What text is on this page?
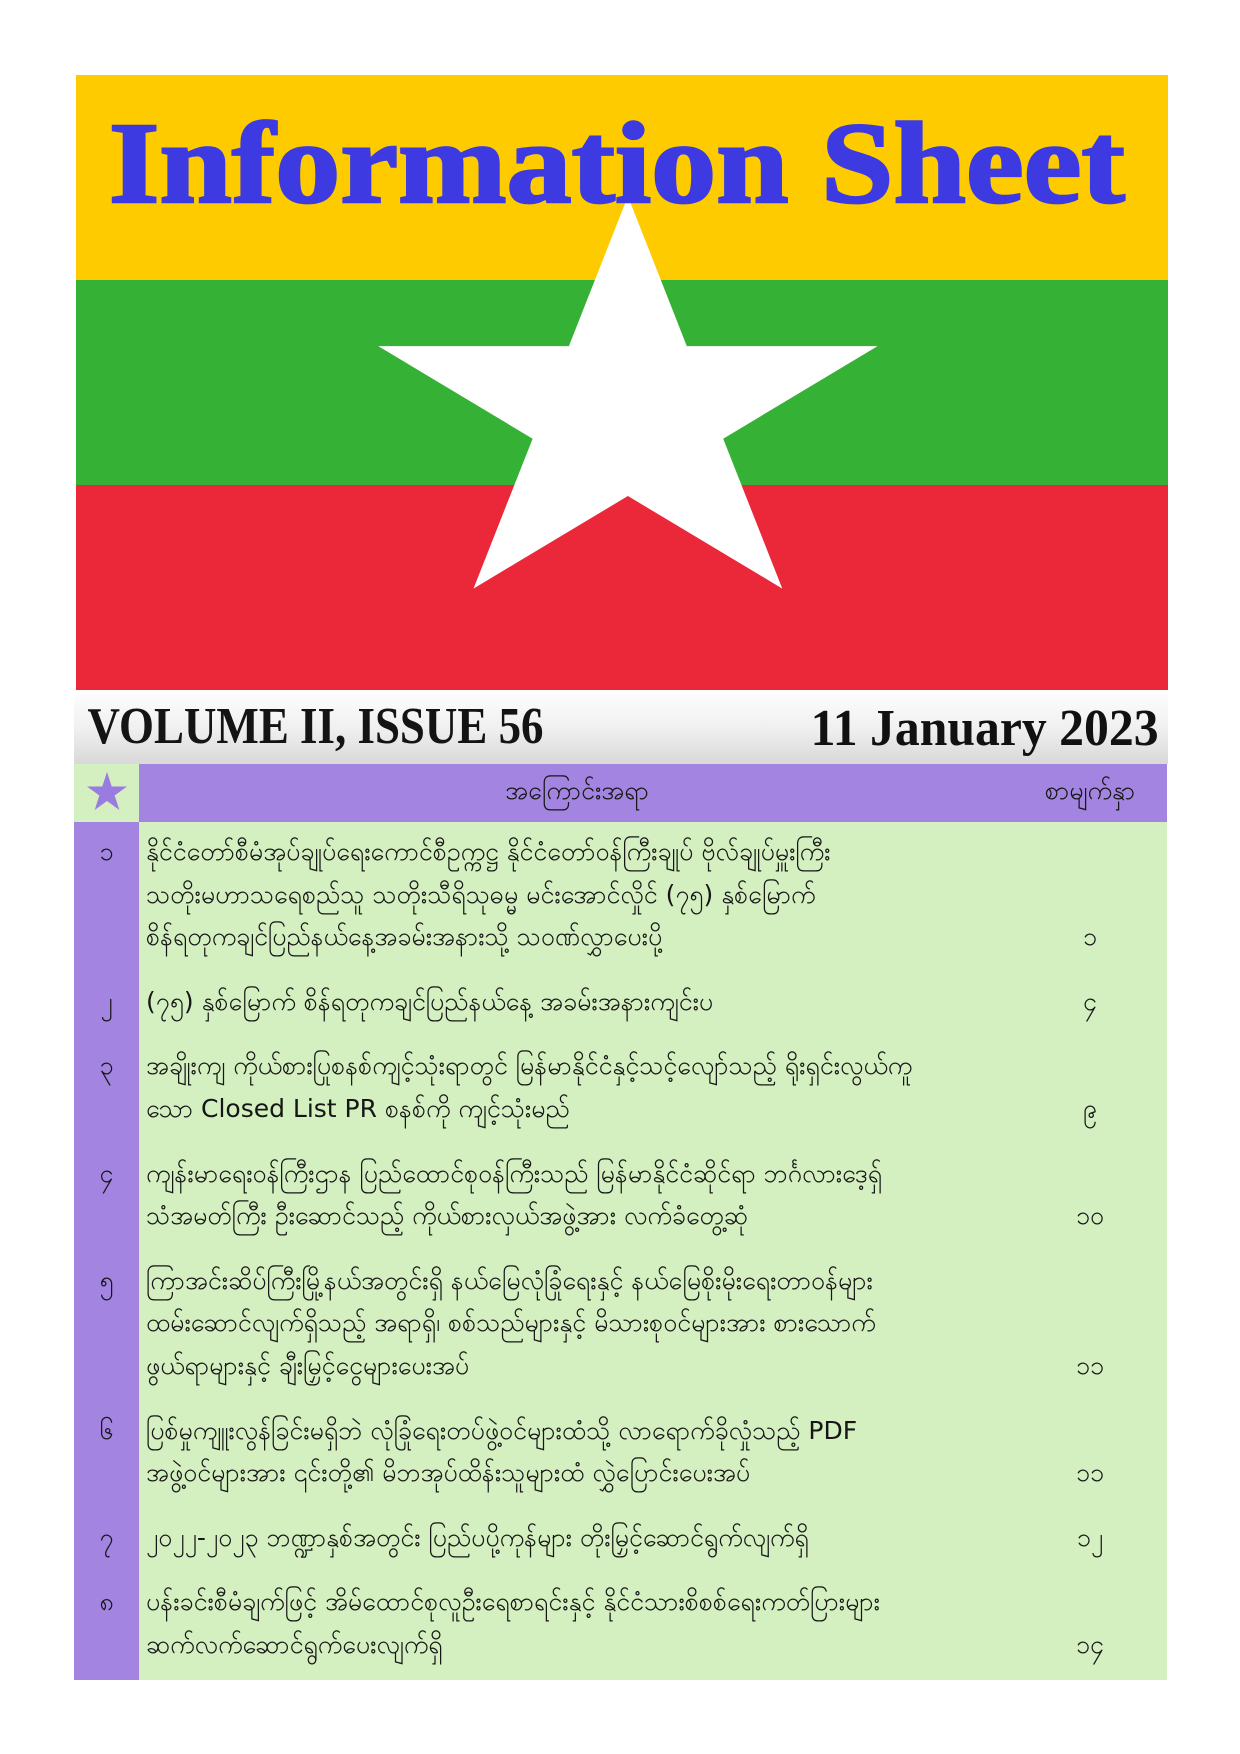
Information Sheet
VOLUME II, ISSUE 56	11 January 2023
အကြောင်းအရာ	စာမျက်နှာ
၁	နိုင်ငံတော်စီမံအုပ်ချုပ်ရေးကောင်စီဥက္ကဋ္ဌ နိုင်ငံတော်ဝန်ကြီးချုပ် ဗိုလ်ချုပ်မှူးကြီး
သတိုးမဟာသရေစည်သူ သတိုးသီရိသုဓမ္မ မင်းအောင်လှိုင် (၇၅) နှစ်မြောက်
စိန်ရတုကချင်ပြည်နယ်နေ့အခမ်းအနားသို့ သဝဏ်လွှာပေးပို့	၁
၂	(၇၅) နှစ်မြောက် စိန်ရတုကချင်ပြည်နယ်နေ့ အခမ်းအနားကျင်းပ	၄
၃	အချိုးကျ ကိုယ်စားပြုစနစ်ကျင့်သုံးရာတွင် မြန်မာနိုင်ငံနှင့်သင့်လျော်သည့် ရိုးရှင်းလွယ်ကူ
သော Closed List PR စနစ်ကို ကျင့်သုံးမည်	၉
၄	ကျန်းမာရေးဝန်ကြီးဌာန ပြည်ထောင်စုဝန်ကြီးသည် မြန်မာနိုင်ငံဆိုင်ရာ ဘင်္ဂလားဒေ့ရှ်
သံအမတ်ကြီး ဦးဆောင်သည့် ကိုယ်စားလှယ်အဖွဲ့အား လက်ခံတွေ့ဆုံ	၁၀
၅	ကြာအင်းဆိပ်ကြီးမြို့နယ်အတွင်းရှိ နယ်မြေလုံခြုံရေးနှင့် နယ်မြေစိုးမိုးရေးတာဝန်များ
ထမ်းဆောင်လျက်ရှိသည့် အရာရှိ၊ စစ်သည်များနှင့် မိသားစုဝင်များအား စားသောက်
ဖွယ်ရာများနှင့် ချီးမြှင့်ငွေများပေးအပ်	၁၁
၆	ပြစ်မှုကျူးလွန်ခြင်းမရှိဘဲ လုံခြုံရေးတပ်ဖွဲ့ဝင်များထံသို့ လာရောက်ခိုလှုံသည့် PDF
အဖွဲ့ဝင်များအား ၎င်းတို့၏ မိဘအုပ်ထိန်းသူများထံ လွှဲပြောင်းပေးအပ်	၁၁
၇	၂၀၂၂-၂၀၂၃ ဘဏ္ဍာနှစ်အတွင်း ပြည်ပပို့ကုန်များ တိုးမြှင့်ဆောင်ရွက်လျက်ရှိ	၁၂
၈	ပန်းခင်းစီမံချက်ဖြင့် အိမ်ထောင်စုလူဦးရေစာရင်းနှင့် နိုင်ငံသားစိစစ်ရေးကတ်ပြားများ
ဆက်လက်ဆောင်ရွက်ပေးလျက်ရှိ	၁၄
